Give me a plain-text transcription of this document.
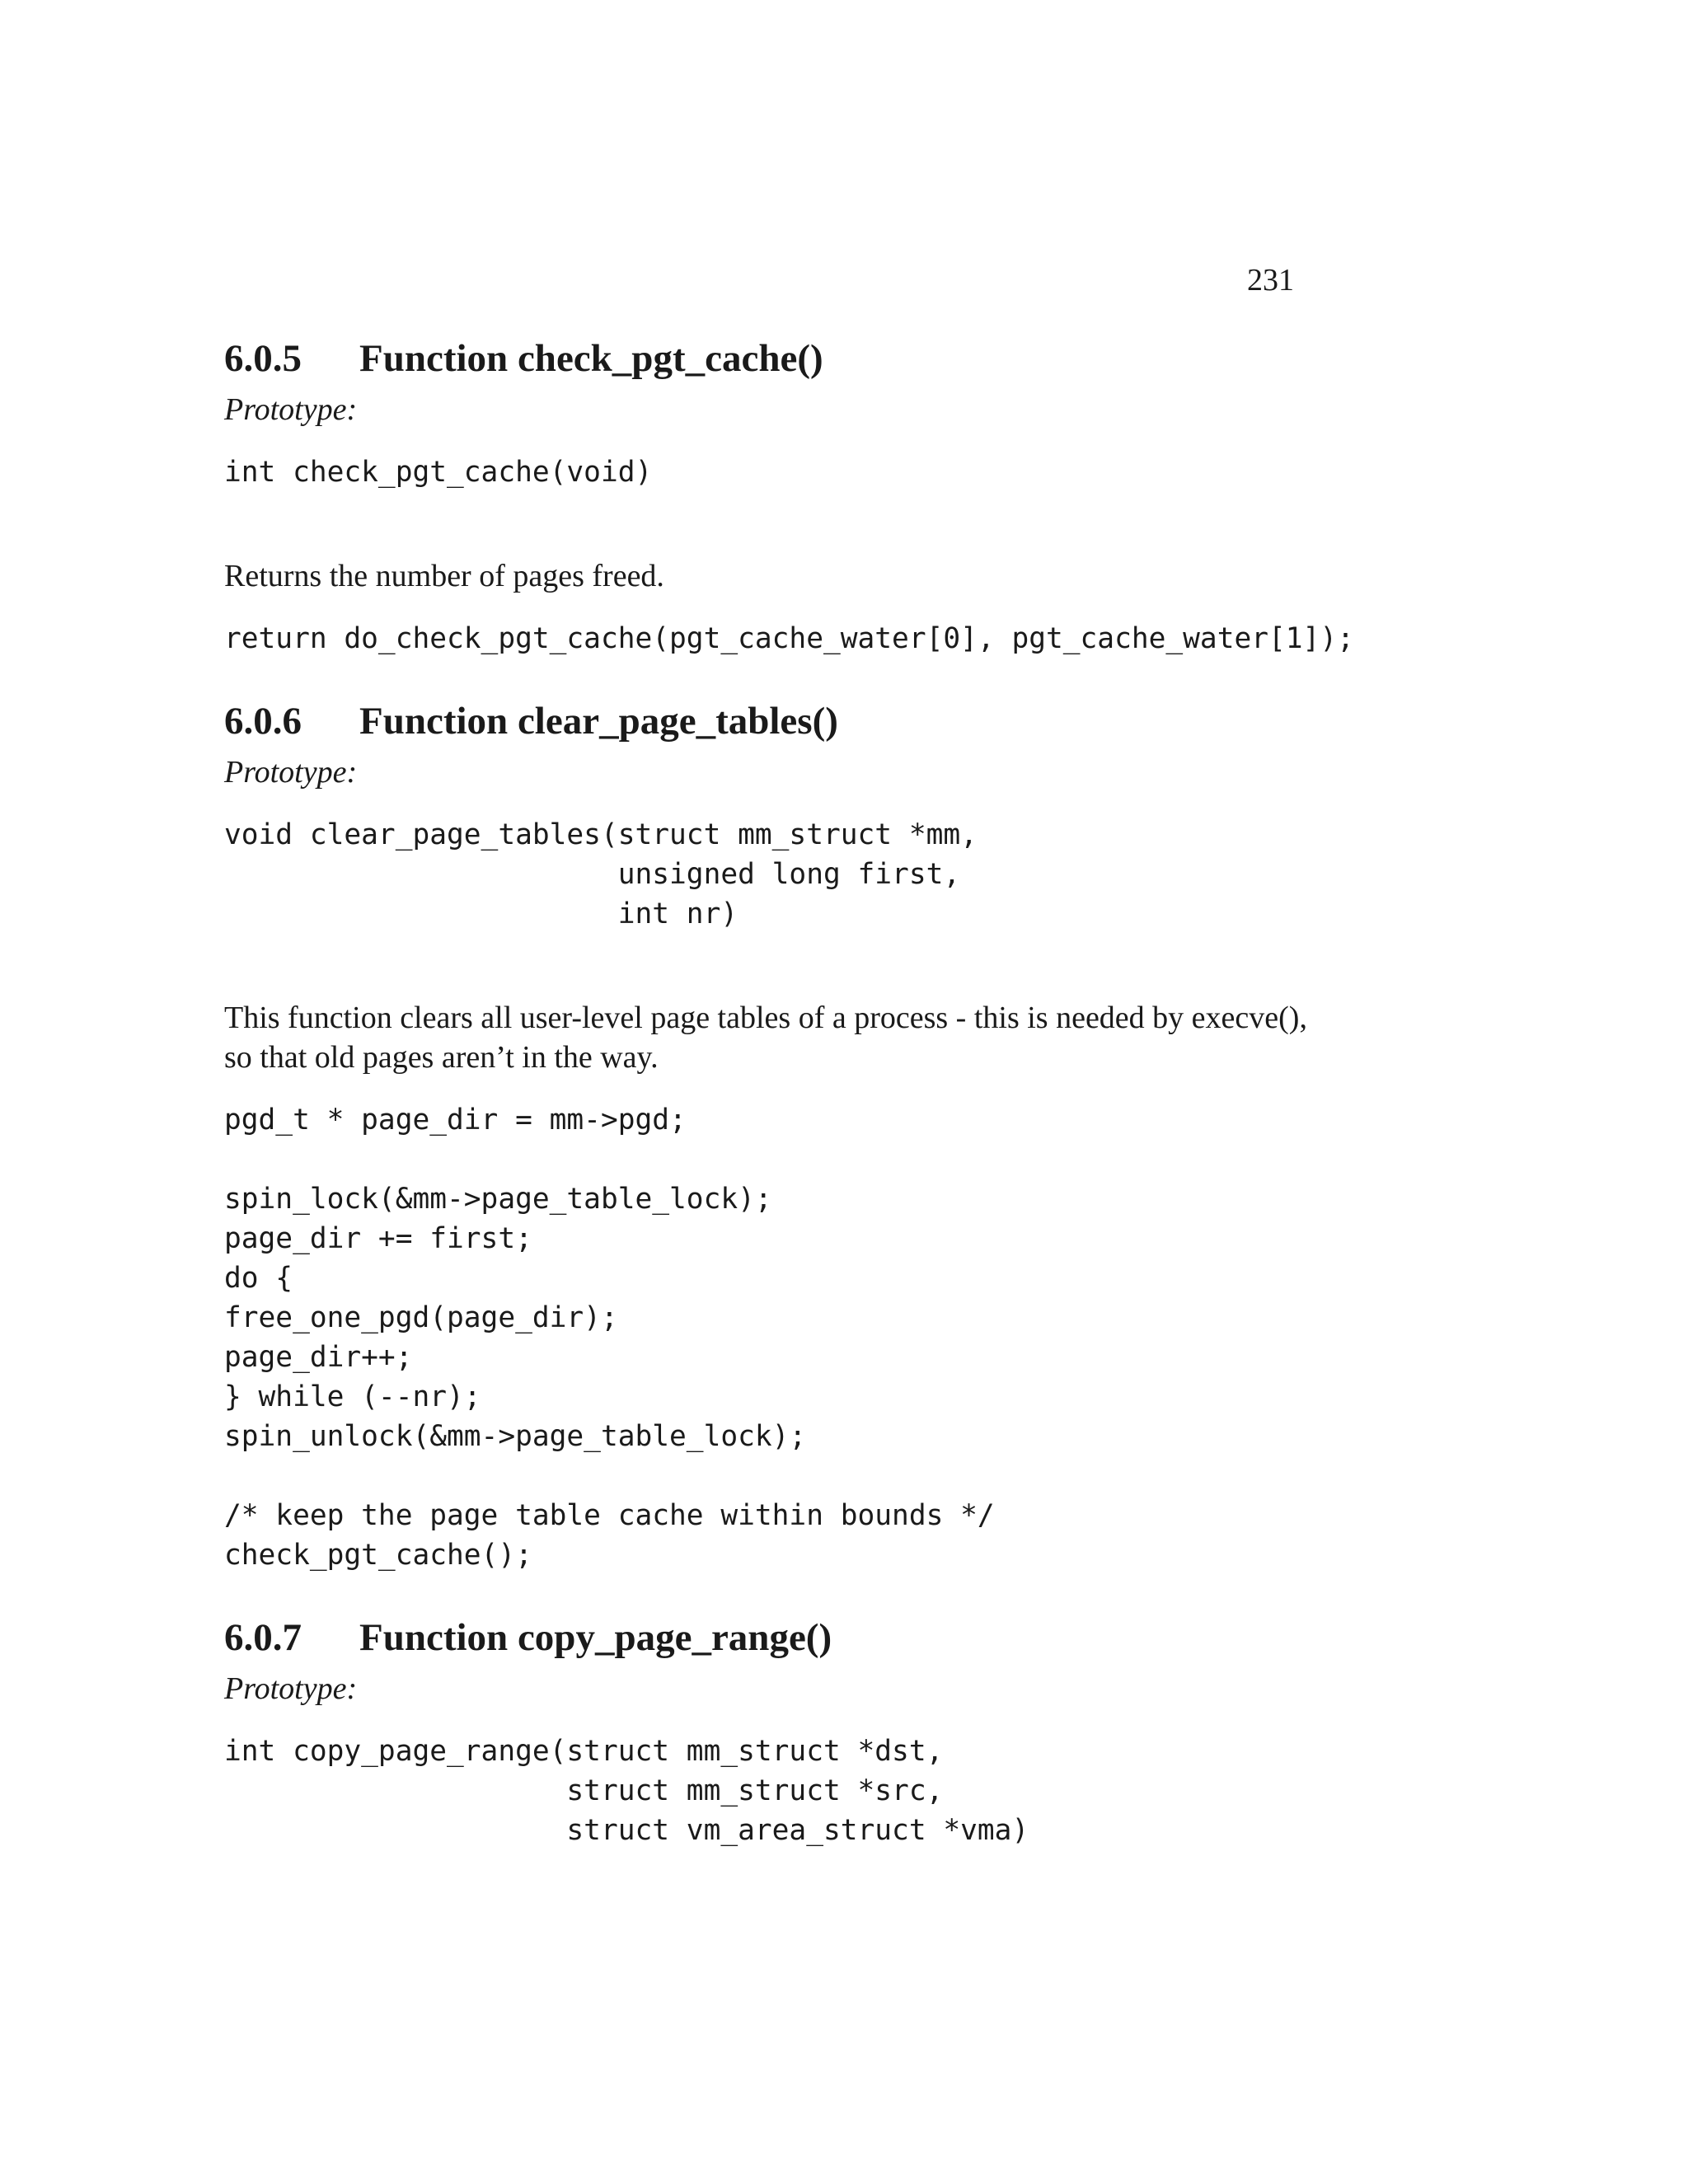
231
6.0.5 Function check_pgt_cache()
Prototype:
int check_pgt_cache(void)

Returns the number of pages freed.

return do_check_pgt_cache(pgt_cache_water[0], pgt_cache_water[1]);
6.0.6 Function clear_page_tables()
Prototype:
void clear_page_tables(struct mm_struct *mm,
unsigned long first,
int nr)

This function clears all user-level page tables of a process - this is needed by execve(), so that old pages aren’t in the way.

pgd_t * page_dir = mm->pgd;

spin_lock(&mm->page_table_lock);
page_dir += first;
do {
free_one_pgd(page_dir);
page_dir++;
} while (--nr);
spin_unlock(&mm->page_table_lock);

/* keep the page table cache within bounds */
check_pgt_cache();
6.0.7 Function copy_page_range()
Prototype:
int copy_page_range(struct mm_struct *dst,
struct mm_struct *src,
struct vm_area_struct *vma)
